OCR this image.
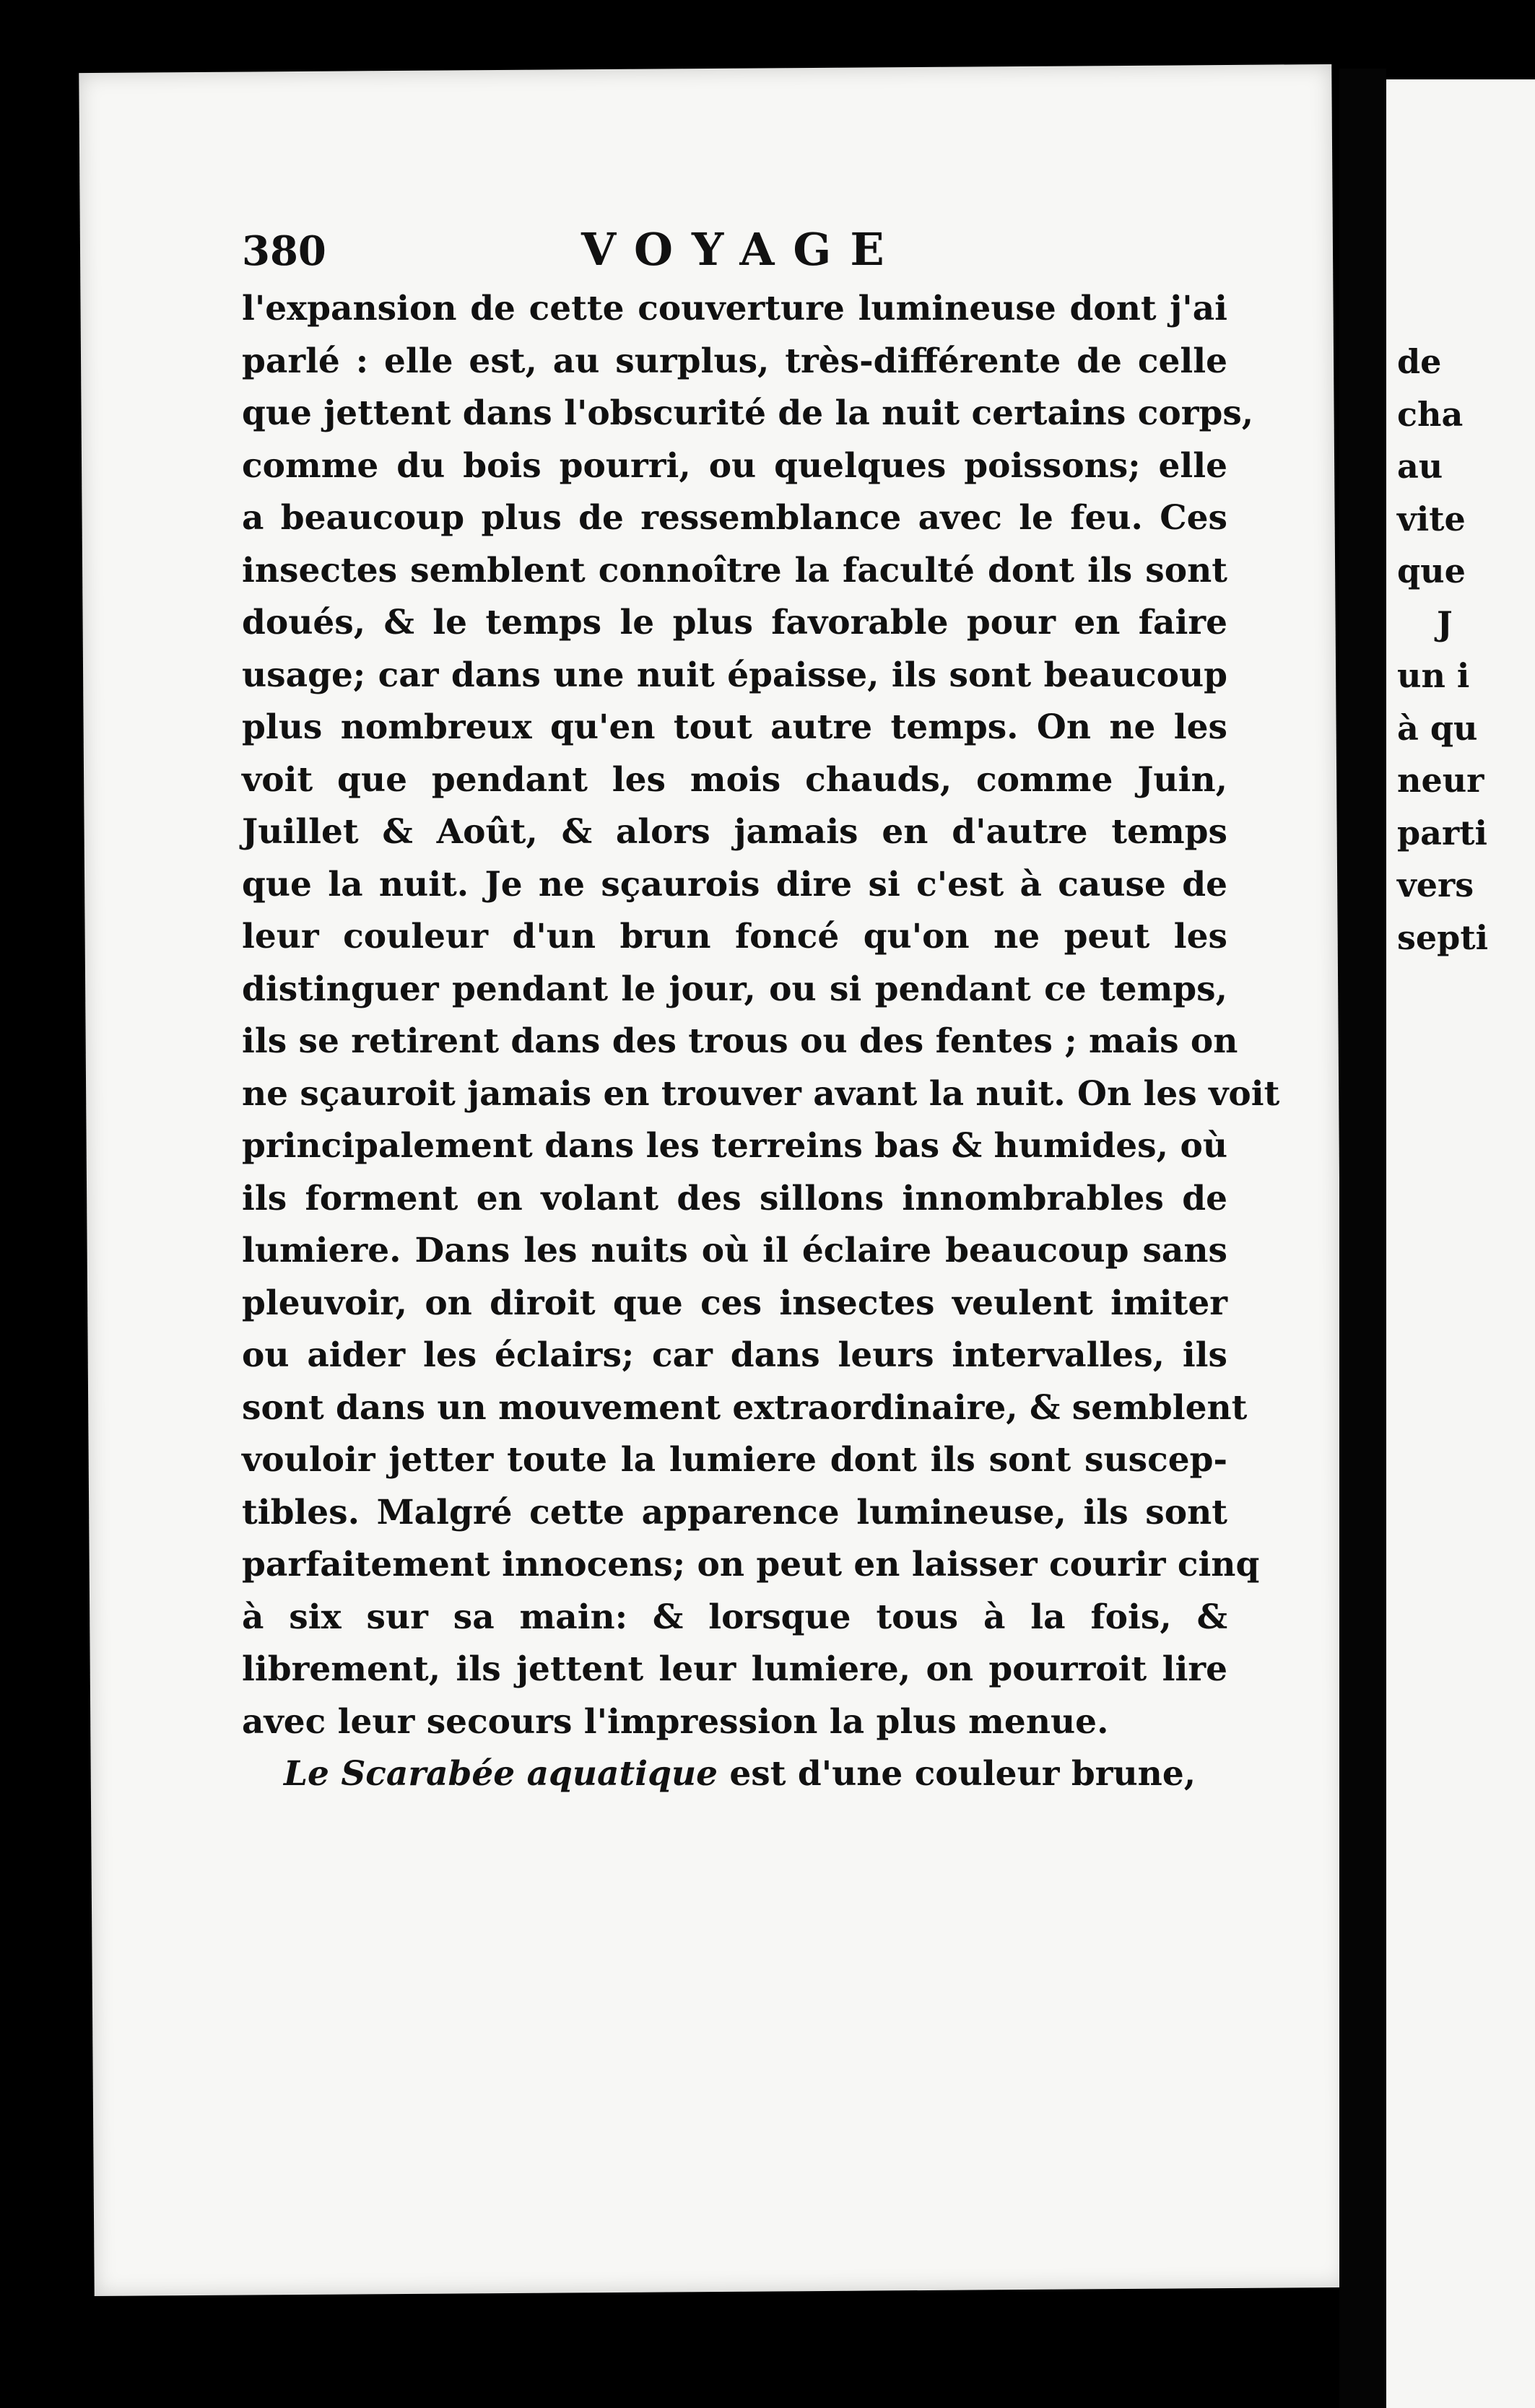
380	VOYAGE
l'expansion de cette couverture lumineuse dont j'ai
parlé : elle est, au surplus, très-différente de celle
que jettent dans l'obscurité de la nuit certains corps,
comme du bois pourri, ou quelques poissons; elle
a beaucoup plus de ressemblance avec le feu. Ces
insectes semblent connoître la faculté dont ils sont
doués, & le temps le plus favorable pour en faire
usage; car dans une nuit épaisse, ils sont beaucoup
plus nombreux qu'en tout autre temps. On ne les
voit que pendant les mois chauds, comme Juin,
Juillet & Août, & alors jamais en d'autre temps
que la nuit. Je ne sçaurois dire si c'est à cause de
leur couleur d'un brun foncé qu'on ne peut les
distinguer pendant le jour, ou si pendant ce temps,
ils se retirent dans des trous ou des fentes ; mais on
ne sçauroit jamais en trouver avant la nuit. On les voit
principalement dans les terreins bas & humides, où
ils forment en volant des sillons innombrables de
lumiere. Dans les nuits où il éclaire beaucoup sans
pleuvoir, on diroit que ces insectes veulent imiter
ou aider les éclairs; car dans leurs intervalles, ils
sont dans un mouvement extraordinaire, & semblent
vouloir jetter toute la lumiere dont ils sont suscep-
tibles. Malgré cette apparence lumineuse, ils sont
parfaitement innocens; on peut en laisser courir cinq
à six sur sa main: & lorsque tous à la fois, &
librement, ils jettent leur lumiere, on pourroit lire
avec leur secours l'impression la plus menue.
Le Scarabée aquatique est d'une couleur brune,
de
cha
au
vite
que
J
un i
à qu
neur
parti
vers
septi
